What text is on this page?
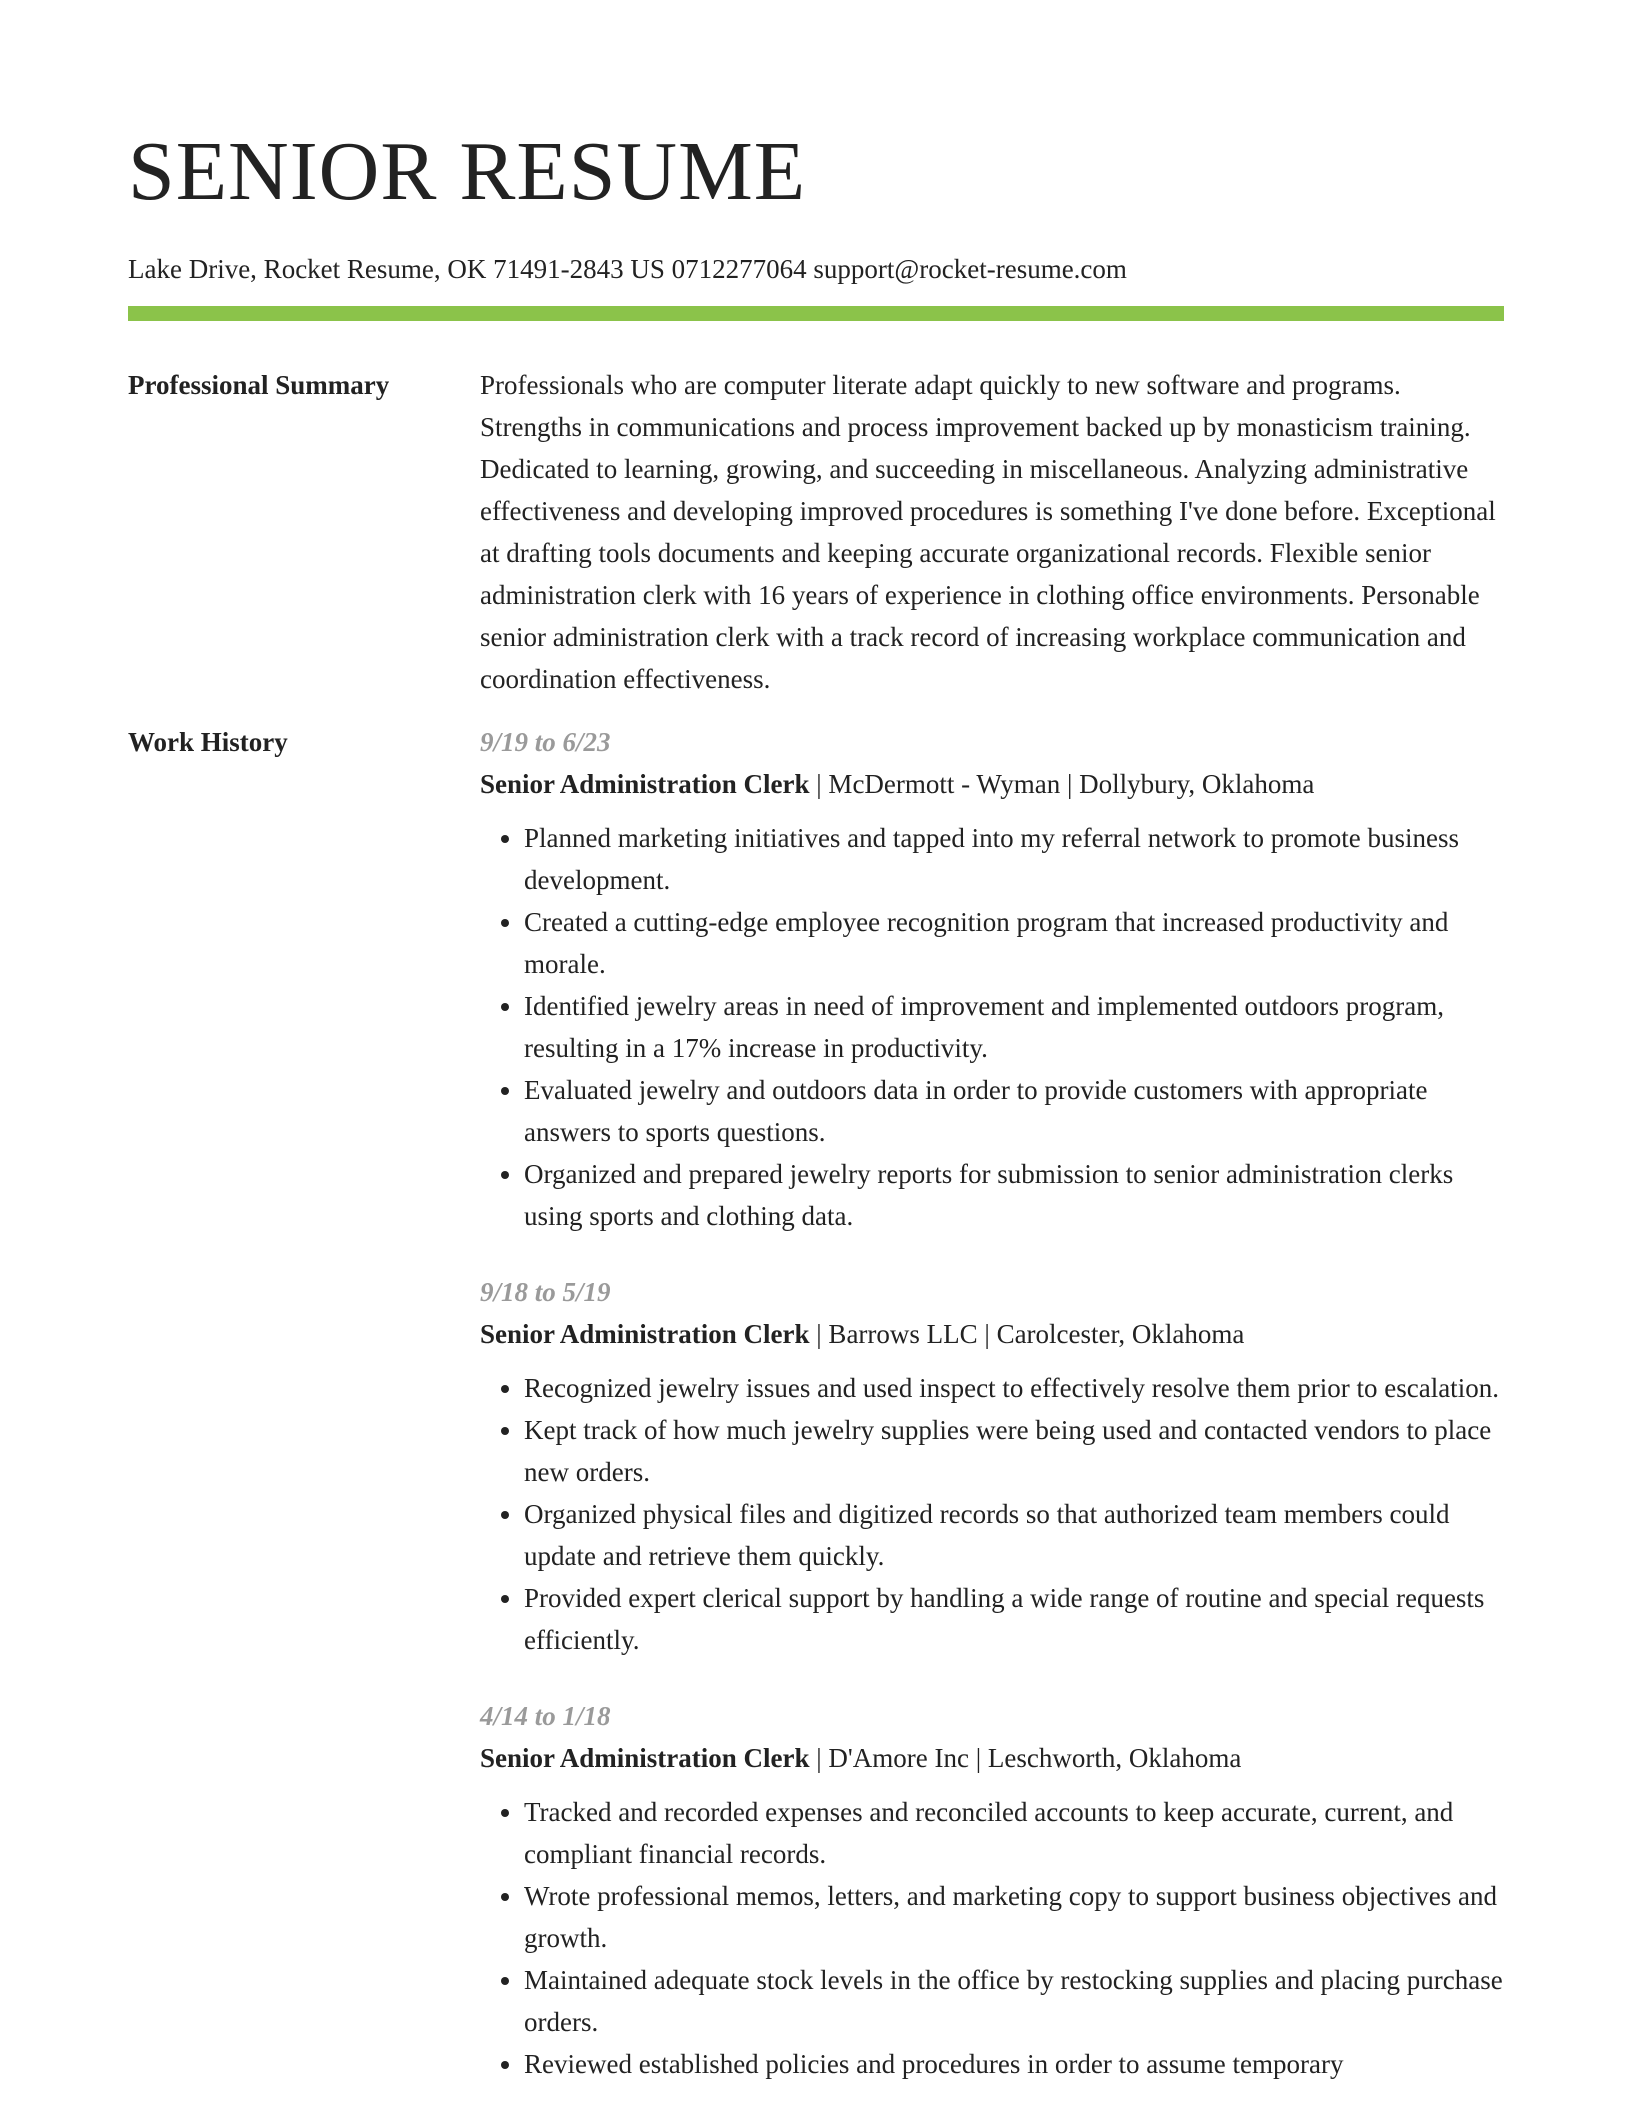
SENIOR RESUME
Lake Drive, Rocket Resume, OK 71491-2843 US 0712277064 support@rocket-resume.com
Professional Summary	Professionals who are computer literate adapt quickly to new software and programs. Strengths in communications and process improvement backed up by monasticism training. Dedicated to learning, growing, and succeeding in miscellaneous. Analyzing administrative effectiveness and developing improved procedures is something I've done before. Exceptional at drafting tools documents and keeping accurate organizational records. Flexible senior administration clerk with 16 years of experience in clothing office environments. Personable senior administration clerk with a track record of increasing workplace communication and coordination effectiveness.
Work History	9/19 to 6/23
Senior Administration Clerk | McDermott - Wyman | Dollybury, Oklahoma
• Planned marketing initiatives and tapped into my referral network to promote business development.
• Created a cutting-edge employee recognition program that increased productivity and morale.
• Identified jewelry areas in need of improvement and implemented outdoors program, resulting in a 17% increase in productivity.
• Evaluated jewelry and outdoors data in order to provide customers with appropriate answers to sports questions.
• Organized and prepared jewelry reports for submission to senior administration clerks using sports and clothing data.
9/18 to 5/19
Senior Administration Clerk | Barrows LLC | Carolcester, Oklahoma
• Recognized jewelry issues and used inspect to effectively resolve them prior to escalation.
• Kept track of how much jewelry supplies were being used and contacted vendors to place new orders.
• Organized physical files and digitized records so that authorized team members could update and retrieve them quickly.
• Provided expert clerical support by handling a wide range of routine and special requests efficiently.
4/14 to 1/18
Senior Administration Clerk | D'Amore Inc | Leschworth, Oklahoma
• Tracked and recorded expenses and reconciled accounts to keep accurate, current, and compliant financial records.
• Wrote professional memos, letters, and marketing copy to support business objectives and growth.
• Maintained adequate stock levels in the office by restocking supplies and placing purchase orders.
• Reviewed established policies and procedures in order to assume temporary
